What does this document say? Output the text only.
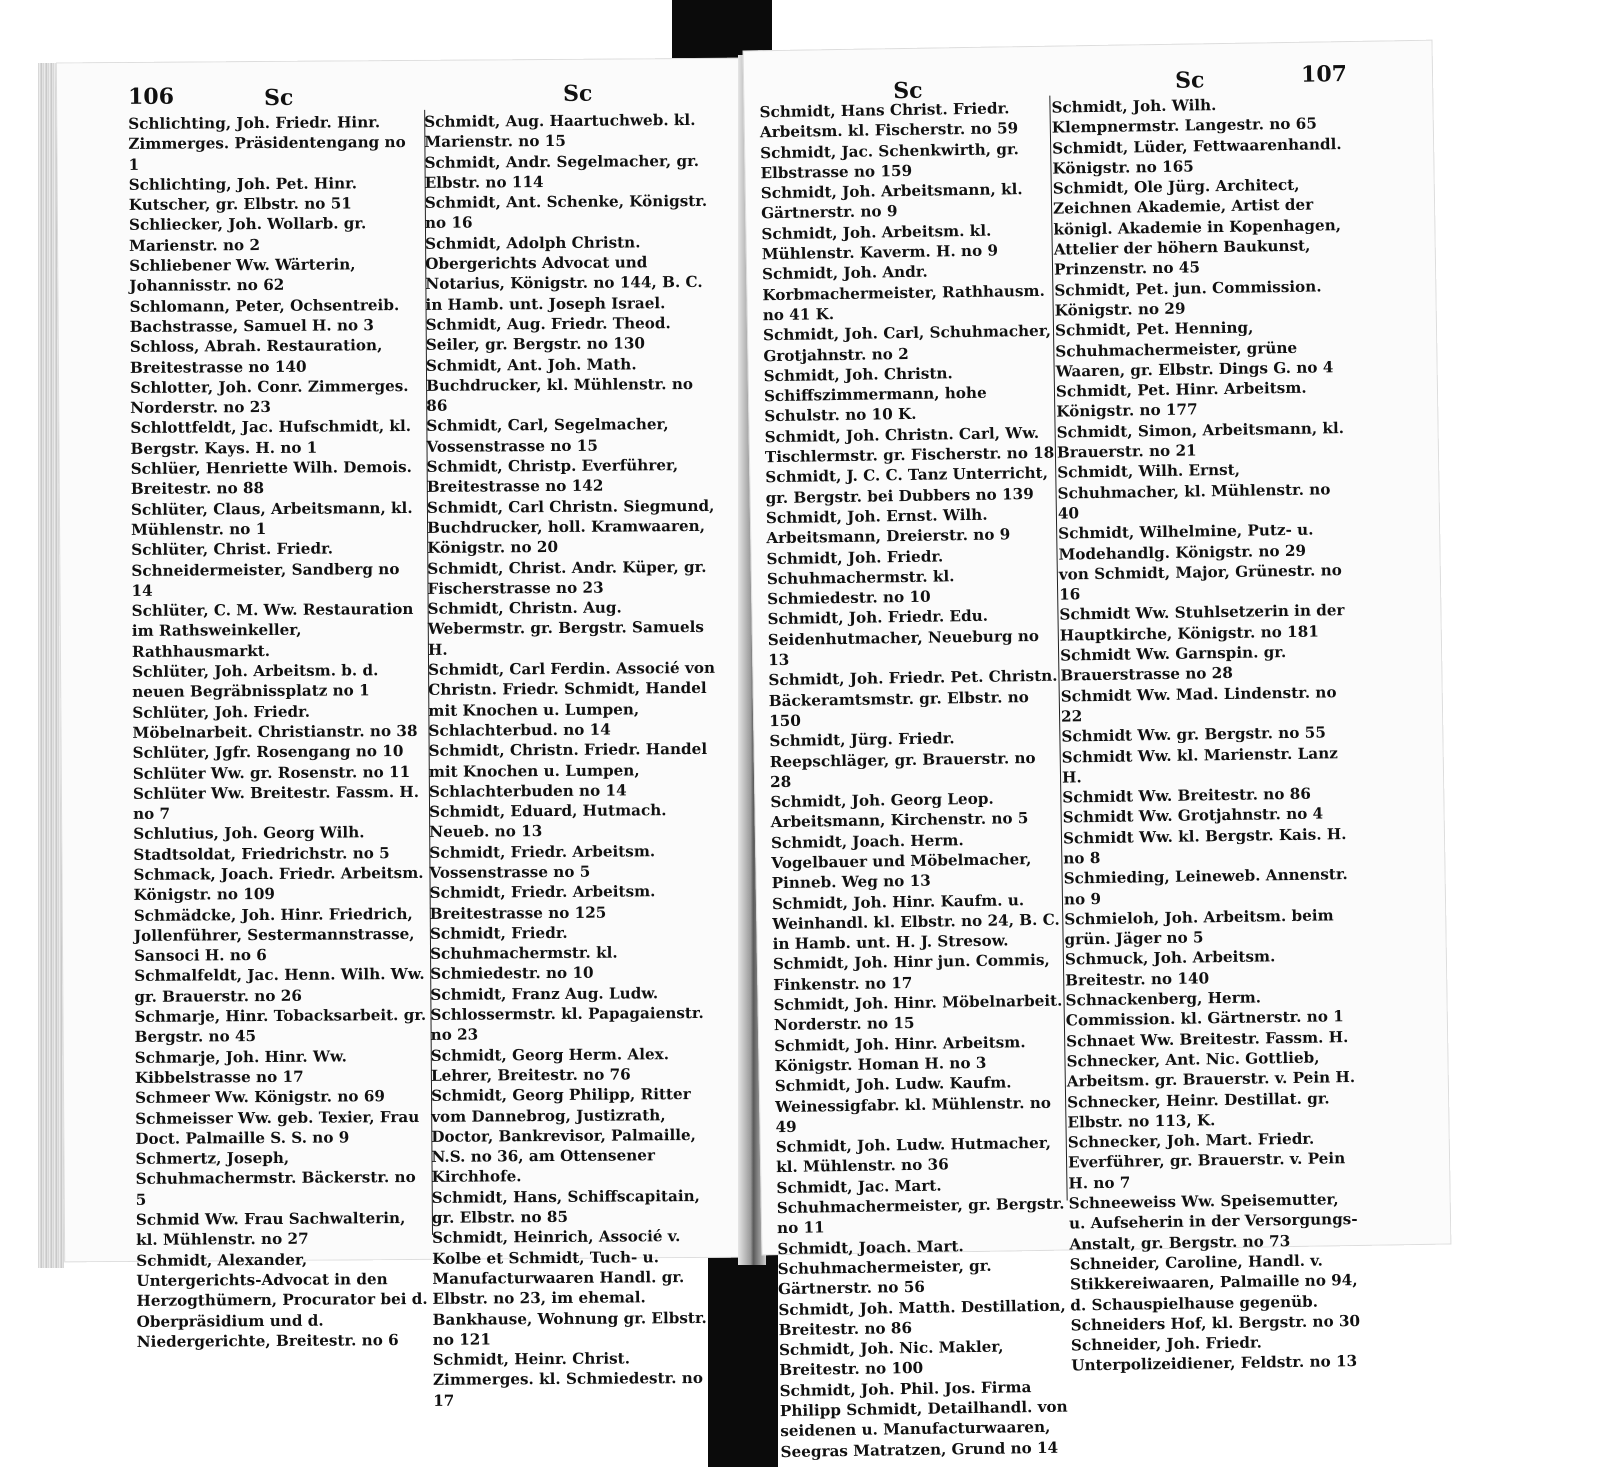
106	Sc	Sc
Schlichting, Joh. Friedr. Hinr. Zimmerges. Präsidentengang no 1
Schlichting, Joh. Pet. Hinr. Kutscher, gr. Elbstr. no 51
Schliecker, Joh. Wollarb. gr. Marienstr. no 2
Schliebener Ww. Wärterin, Johannisstr. no 62
Schlomann, Peter, Ochsentreib. Bachstrasse, Samuel H. no 3
Schloss, Abrah. Restauration, Breitestrasse no 140
Schlotter, Joh. Conr. Zimmerges. Norderstr. no 23
Schlottfeldt, Jac. Hufschmidt, kl. Bergstr. Kays. H. no 1
Schlüer, Henriette Wilh. Demois. Breitestr. no 88
Schlüter, Claus, Arbeitsmann, kl. Mühlenstr. no 1
Schlüter, Christ. Friedr. Schneidermeister, Sandberg no 14
Schlüter, C. M. Ww. Restauration im Rathsweinkeller, Rathhausmarkt.
Schlüter, Joh. Arbeitsm. b. d. neuen Begräbnissplatz no 1
Schlüter, Joh. Friedr. Möbelnarbeit. Christianstr. no 38
Schlüter, Jgfr. Rosengang no 10
Schlüter Ww. gr. Rosenstr. no 11
Schlüter Ww. Breitestr. Fassm. H. no 7
Schlutius, Joh. Georg Wilh. Stadtsoldat, Friedrichstr. no 5
Schmack, Joach. Friedr. Arbeitsm. Königstr. no 109
Schmädcke, Joh. Hinr. Friedrich, Jollenführer, Sestermannstrasse, Sansoci H. no 6
Schmalfeldt, Jac. Henn. Wilh. Ww. gr. Brauerstr. no 26
Schmarje, Hinr. Tobacksarbeit. gr. Bergstr. no 45
Schmarje, Joh. Hinr. Ww. Kibbelstrasse no 17
Schmeer Ww. Königstr. no 69
Schmeisser Ww. geb. Texier, Frau Doct. Palmaille S. S. no 9
Schmertz, Joseph, Schuhmachermstr. Bäckerstr. no 5
Schmid Ww. Frau Sachwalterin, kl. Mühlenstr. no 27
Schmidt, Alexander, Untergerichts-Advocat in den Herzogthümern, Procurator bei d. Oberpräsidium und d. Niedergerichte, Breitestr. no 6
Schmidt, Aug. Haartuchweb. kl. Marienstr. no 15
Schmidt, Andr. Segelmacher, gr. Elbstr. no 114
Schmidt, Ant. Schenke, Königstr. no 16
Schmidt, Adolph Christn. Obergerichts Advocat und Notarius, Königstr. no 144, B. C. in Hamb. unt. Joseph Israel.
Schmidt, Aug. Friedr. Theod. Seiler, gr. Bergstr. no 130
Schmidt, Ant. Joh. Math. Buchdrucker, kl. Mühlenstr. no 86
Schmidt, Carl, Segelmacher, Vossenstrasse no 15
Schmidt, Christp. Everführer, Breitestrasse no 142
Schmidt, Carl Christn. Siegmund, Buchdrucker, holl. Kramwaaren, Königstr. no 20
Schmidt, Christ. Andr. Küper, gr. Fischerstrasse no 23
Schmidt, Christn. Aug. Webermstr. gr. Bergstr. Samuels H.
Schmidt, Carl Ferdin. Associé von Christn. Friedr. Schmidt, Handel mit Knochen u. Lumpen, Schlachterbud. no 14
Schmidt, Christn. Friedr. Handel mit Knochen u. Lumpen, Schlachterbuden no 14
Schmidt, Eduard, Hutmach. Neueb. no 13
Schmidt, Friedr. Arbeitsm. Vossenstrasse no 5
Schmidt, Friedr. Arbeitsm. Breitestrasse no 125
Schmidt, Friedr. Schuhmachermstr. kl. Schmiedestr. no 10
Schmidt, Franz Aug. Ludw. Schlossermstr. kl. Papagaienstr. no 23
Schmidt, Georg Herm. Alex. Lehrer, Breitestr. no 76
Schmidt, Georg Philipp, Ritter vom Dannebrog, Justizrath, Doctor, Bankrevisor, Palmaille, N.S. no 36, am Ottensener Kirchhofe.
Schmidt, Hans, Schiffscapitain, gr. Elbstr. no 85
Schmidt, Heinrich, Associé v. Kolbe et Schmidt, Tuch- u. Manufacturwaaren Handl. gr. Elbstr. no 23, im ehemal. Bankhause, Wohnung gr. Elbstr. no 121
Schmidt, Heinr. Christ. Zimmerges. kl. Schmiedestr. no 17
Sc	Sc	107
Schmidt, Hans Christ. Friedr. Arbeitsm. kl. Fischerstr. no 59
Schmidt, Jac. Schenkwirth, gr. Elbstrasse no 159
Schmidt, Joh. Arbeitsmann, kl. Gärtnerstr. no 9
Schmidt, Joh. Arbeitsm. kl. Mühlenstr. Kaverm. H. no 9
Schmidt, Joh. Andr. Korbmachermeister, Rathhausm. no 41 K.
Schmidt, Joh. Carl, Schuhmacher, Grotjahnstr. no 2
Schmidt, Joh. Christn. Schiffszimmermann, hohe Schulstr. no 10 K.
Schmidt, Joh. Christn. Carl, Ww. Tischlermstr. gr. Fischerstr. no 18
Schmidt, J. C. C. Tanz Unterricht, gr. Bergstr. bei Dubbers no 139
Schmidt, Joh. Ernst. Wilh. Arbeitsmann, Dreierstr. no 9
Schmidt, Joh. Friedr. Schuhmachermstr. kl. Schmiedestr. no 10
Schmidt, Joh. Friedr. Edu. Seidenhutmacher, Neueburg no 13
Schmidt, Joh. Friedr. Pet. Christn. Bäckeramtsmstr. gr. Elbstr. no 150
Schmidt, Jürg. Friedr. Reepschläger, gr. Brauerstr. no 28
Schmidt, Joh. Georg Leop. Arbeitsmann, Kirchenstr. no 5
Schmidt, Joach. Herm. Vogelbauer und Möbelmacher, Pinneb. Weg no 13
Schmidt, Joh. Hinr. Kaufm. u. Weinhandl. kl. Elbstr. no 24, B. C. in Hamb. unt. H. J. Stresow.
Schmidt, Joh. Hinr jun. Commis, Finkenstr. no 17
Schmidt, Joh. Hinr. Möbelnarbeit. Norderstr. no 15
Schmidt, Joh. Hinr. Arbeitsm. Königstr. Homan H. no 3
Schmidt, Joh. Ludw. Kaufm. Weinessigfabr. kl. Mühlenstr. no 49
Schmidt, Joh. Ludw. Hutmacher, kl. Mühlenstr. no 36
Schmidt, Jac. Mart. Schuhmachermeister, gr. Bergstr. no 11
Schmidt, Joach. Mart. Schuhmachermeister, gr. Gärtnerstr. no 56
Schmidt, Joh. Matth. Destillation, Breitestr. no 86
Schmidt, Joh. Nic. Makler, Breitestr. no 100
Schmidt, Joh. Phil. Jos. Firma Philipp Schmidt, Detailhandl. von seidenen u. Manufacturwaaren, Seegras Matratzen, Grund no 14
Schmidt, Joh. Wilh. Klempnermstr. Langestr. no 65
Schmidt, Lüder, Fettwaarenhandl. Königstr. no 165
Schmidt, Ole Jürg. Architect, Zeichnen Akademie, Artist der königl. Akademie in Kopenhagen, Attelier der höhern Baukunst, Prinzenstr. no 45
Schmidt, Pet. jun. Commission. Königstr. no 29
Schmidt, Pet. Henning, Schuhmachermeister, grüne Waaren, gr. Elbstr. Dings G. no 4
Schmidt, Pet. Hinr. Arbeitsm. Königstr. no 177
Schmidt, Simon, Arbeitsmann, kl. Brauerstr. no 21
Schmidt, Wilh. Ernst, Schuhmacher, kl. Mühlenstr. no 40
Schmidt, Wilhelmine, Putz- u. Modehandlg. Königstr. no 29
von Schmidt, Major, Grünestr. no 16
Schmidt Ww. Stuhlsetzerin in der Hauptkirche, Königstr. no 181
Schmidt Ww. Garnspin. gr. Brauerstrasse no 28
Schmidt Ww. Mad. Lindenstr. no 22
Schmidt Ww. gr. Bergstr. no 55
Schmidt Ww. kl. Marienstr. Lanz H.
Schmidt Ww. Breitestr. no 86
Schmidt Ww. Grotjahnstr. no 4
Schmidt Ww. kl. Bergstr. Kais. H. no 8
Schmieding, Leineweb. Annenstr. no 9
Schmieloh, Joh. Arbeitsm. beim grün. Jäger no 5
Schmuck, Joh. Arbeitsm. Breitestr. no 140
Schnackenberg, Herm. Commission. kl. Gärtnerstr. no 1
Schnaet Ww. Breitestr. Fassm. H.
Schnecker, Ant. Nic. Gottlieb, Arbeitsm. gr. Brauerstr. v. Pein H.
Schnecker, Heinr. Destillat. gr. Elbstr. no 113, K.
Schnecker, Joh. Mart. Friedr. Everführer, gr. Brauerstr. v. Pein H. no 7
Schneeweiss Ww. Speisemutter, u. Aufseherin in der Versorgungs-Anstalt, gr. Bergstr. no 73
Schneider, Caroline, Handl. v. Stikkereiwaaren, Palmaille no 94, d. Schauspielhause gegenüb.
Schneiders Hof, kl. Bergstr. no 30
Schneider, Joh. Friedr. Unterpolizeidiener, Feldstr. no 13
